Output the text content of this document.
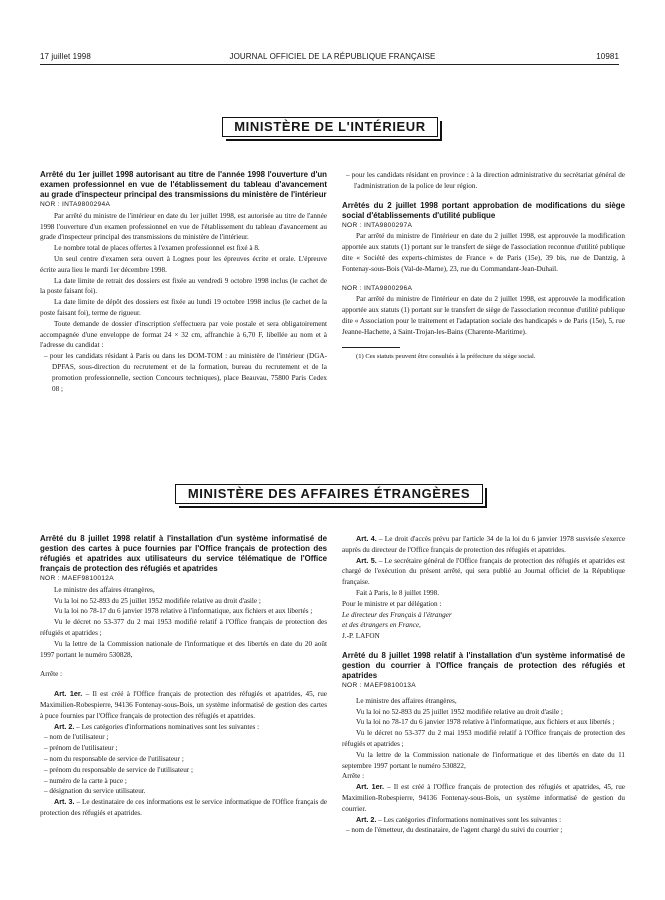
17 juillet 1998	JOURNAL OFFICIEL DE LA RÉPUBLIQUE FRANÇAISE	10981
MINISTÈRE DE L'INTÉRIEUR

Arrêté du 1er juillet 1998 autorisant au titre de l'année 1998 l'ouverture d'un examen professionnel en vue de l'établissement du tableau d'avancement au grade d'inspecteur principal des transmissions du ministère de l'intérieur

NOR : INTA9800294A

Par arrêté du ministre de l'intérieur en date du 1er juillet 1998, est autorisée au titre de l'année 1998 l'ouverture d'un examen professionnel en vue de l'établissement du tableau d'avancement au grade d'inspecteur principal des transmissions du ministère de l'intérieur.

Le nombre total de places offertes à l'examen professionnel est fixé à 8.

Un seul centre d'examen sera ouvert à Lognes pour les épreuves écrite et orale. L'épreuve écrite aura lieu le mardi 1er décembre 1998.

La date limite de retrait des dossiers est fixée au vendredi 9 octobre 1998 inclus (le cachet de la poste faisant foi).

La date limite de dépôt des dossiers est fixée au lundi 19 octobre 1998 inclus (le cachet de la poste faisant foi), terme de rigueur.

Toute demande de dossier d'inscription s'effectuera par voie postale et sera obligatoirement accompagnée d'une enveloppe de format 24 × 32 cm, affranchie à 6,70 F, libellée au nom et à l'adresse du candidat :

– pour les candidats résidant à Paris ou dans les DOM-TOM : au ministère de l'intérieur (DGA-DPFAS, sous-direction du recrutement et de la formation, bureau du recrutement et de la promotion professionnelle, section Concours techniques), place Beauvau, 75800 Paris Cedex 08 ;

– pour les candidats résidant en province : à la direction administrative du secrétariat général de l'administration de la police de leur région.

Arrêtés du 2 juillet 1998 portant approbation de modifications du siège social d'établissements d'utilité publique

NOR : INTA9800297A

Par arrêté du ministre de l'intérieur en date du 2 juillet 1998, est approuvée la modification apportée aux statuts (1) portant sur le transfert de siège de l'association reconnue d'utilité publique dite « Société des experts-chimistes de France » de Paris (15e), 39 bis, rue de Dantzig, à Fontenay-sous-Bois (Val-de-Marne), 23, rue du Commandant-Jean-Duhail.

NOR : INTA9800296A

Par arrêté du ministre de l'intérieur en date du 2 juillet 1998, est approuvée la modification apportée aux statuts (1) portant sur le transfert de siège de l'association reconnue d'utilité publique dite « Association pour le traitement et l'adaptation sociale des handicapés » de Paris (15e), 5, rue Jeanne-Hachette, à Saint-Trojan-les-Bains (Charente-Maritime).

(1) Ces statuts peuvent être consultés à la préfecture du siège social.

MINISTÈRE DES AFFAIRES ÉTRANGÈRES

Arrêté du 8 juillet 1998 relatif à l'installation d'un système informatisé de gestion des cartes à puce fournies par l'Office français de protection des réfugiés et apatrides aux utilisateurs du service télématique de l'Office français de protection des réfugiés et apatrides

NOR : MAEF9810012A

Le ministre des affaires étrangères,

Vu la loi no 52-893 du 25 juillet 1952 modifiée relative au droit d'asile ;

Vu la loi no 78-17 du 6 janvier 1978 relative à l'informatique, aux fichiers et aux libertés ;

Vu le décret no 53-377 du 2 mai 1953 modifié relatif à l'Office français de protection des réfugiés et apatrides ;

Vu la lettre de la Commission nationale de l'informatique et des libertés en date du 20 août 1997 portant le numéro 530828,

Arrête :

Art. 1er. – Il est créé à l'Office français de protection des réfugiés et apatrides, 45, rue Maximilien-Robespierre, 94136 Fontenay-sous-Bois, un système informatisé de gestion des cartes à puce fournies par l'Office français de protection des réfugiés et apatrides.

Art. 2. – Les catégories d'informations nominatives sont les suivantes :

– nom de l'utilisateur ;

– prénom de l'utilisateur ;

– nom du responsable de service de l'utilisateur ;

– prénom du responsable de service de l'utilisateur ;

– numéro de la carte à puce ;

– désignation du service utilisateur.

Art. 3. – Le destinataire de ces informations est le service informatique de l'Office français de protection des réfugiés et apatrides.

Art. 4. – Le droit d'accès prévu par l'article 34 de la loi du 6 janvier 1978 susvisée s'exerce auprès du directeur de l'Office français de protection des réfugiés et apatrides.

Art. 5. – Le secrétaire général de l'Office français de protection des réfugiés et apatrides est chargé de l'exécution du présent arrêté, qui sera publié au Journal officiel de la République française.

Fait à Paris, le 8 juillet 1998.

Pour le ministre et par délégation :

Le directeur des Français à l'étranger

et des étrangers en France,

J.-P. LAFON

Arrêté du 8 juillet 1998 relatif à l'installation d'un système informatisé de gestion du courrier à l'Office français de protection des réfugiés et apatrides

NOR : MAEF9810013A

Le ministre des affaires étrangères,

Vu la loi no 52-893 du 25 juillet 1952 modifiée relative au droit d'asile ;

Vu la loi no 78-17 du 6 janvier 1978 relative à l'informatique, aux fichiers et aux libertés ;

Vu le décret no 53-377 du 2 mai 1953 modifié relatif à l'Office français de protection des réfugiés et apatrides ;

Vu la lettre de la Commission nationale de l'informatique et des libertés en date du 11 septembre 1997 portant le numéro 530822,

Arrête :

Art. 1er. – Il est créé à l'Office français de protection des réfugiés et apatrides, 45, rue Maximilien-Robespierre, 94136 Fontenay-sous-Bois, un système informatisé de gestion du courrier.

Art. 2. – Les catégories d'informations nominatives sont les suivantes :

– nom de l'émetteur, du destinataire, de l'agent chargé du suivi du courrier ;
